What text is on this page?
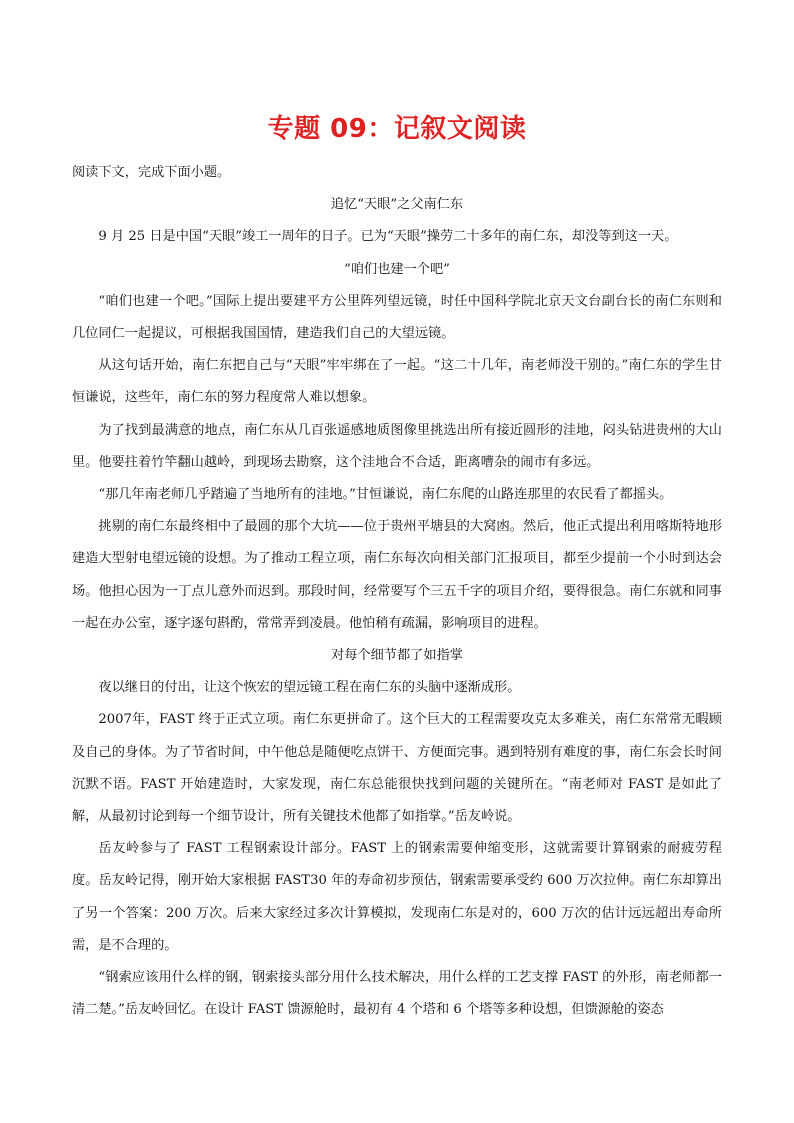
专题 09：记叙文阅读

阅读下文，完成下面小题。

追忆“天眼”之父南仁东

9 月 25 日是中国“天眼”竣工一周年的日子。已为“天眼”操劳二十多年的南仁东，却没等到这一天。

“咱们也建一个吧”

“咱们也建一个吧。”国际上提出要建平方公里阵列望远镜，时任中国科学院北京天文台副台长的南仁东则和几位同仁一起提议，可根据我国国情，建造我们自己的大望远镜。

从这句话开始，南仁东把自己与“天眼”牢牢绑在了一起。“这二十几年，南老师没干别的。”南仁东的学生甘恒谦说，这些年，南仁东的努力程度常人难以想象。

为了找到最满意的地点，南仁东从几百张遥感地质图像里挑选出所有接近圆形的洼地，闷头钻进贵州的大山里。他要拄着竹竿翻山越岭，到现场去勘察，这个洼地合不合适，距离嘈杂的闹市有多远。

“那几年南老师几乎踏遍了当地所有的洼地。”甘恒谦说，南仁东爬的山路连那里的农民看了都摇头。

挑剔的南仁东最终相中了最圆的那个大坑——位于贵州平塘县的大窝凼。然后，他正式提出利用喀斯特地形建造大型射电望远镜的设想。为了推动工程立项，南仁东每次向相关部门汇报项目，都至少提前一个小时到达会场。他担心因为一丁点儿意外而迟到。那段时间，经常要写个三五千字的项目介绍，要得很急。南仁东就和同事一起在办公室，逐字逐句斟酌，常常弄到凌晨。他怕稍有疏漏，影响项目的进程。

对每个细节都了如指掌

夜以继日的付出，让这个恢宏的望远镜工程在南仁东的头脑中逐渐成形。

2007年，FAST 终于正式立项。南仁东更拼命了。这个巨大的工程需要攻克太多难关，南仁东常常无暇顾及自己的身体。为了节省时间，中午他总是随便吃点饼干、方便面完事。遇到特别有难度的事，南仁东会长时间沉默不语。FAST 开始建造时，大家发现，南仁东总能很快找到问题的关键所在。“南老师对 FAST 是如此了解，从最初讨论到每一个细节设计，所有关键技术他都了如指掌。”岳友岭说。

岳友岭参与了 FAST 工程钢索设计部分。FAST 上的钢索需要伸缩变形，这就需要计算钢索的耐疲劳程度。岳友岭记得，刚开始大家根据 FAST30 年的寿命初步预估，钢索需要承受约 600 万次拉伸。南仁东却算出了另一个答案：200 万次。后来大家经过多次计算模拟，发现南仁东是对的，600 万次的估计远远超出寿命所需，是不合理的。

“钢索应该用什么样的钢，钢索接头部分用什么技术解决，用什么样的工艺支撑 FAST 的外形，南老师都一清二楚。”岳友岭回忆。在设计 FAST 馈源舱时，最初有 4 个塔和 6 个塔等多种设想，但馈源舱的姿态
